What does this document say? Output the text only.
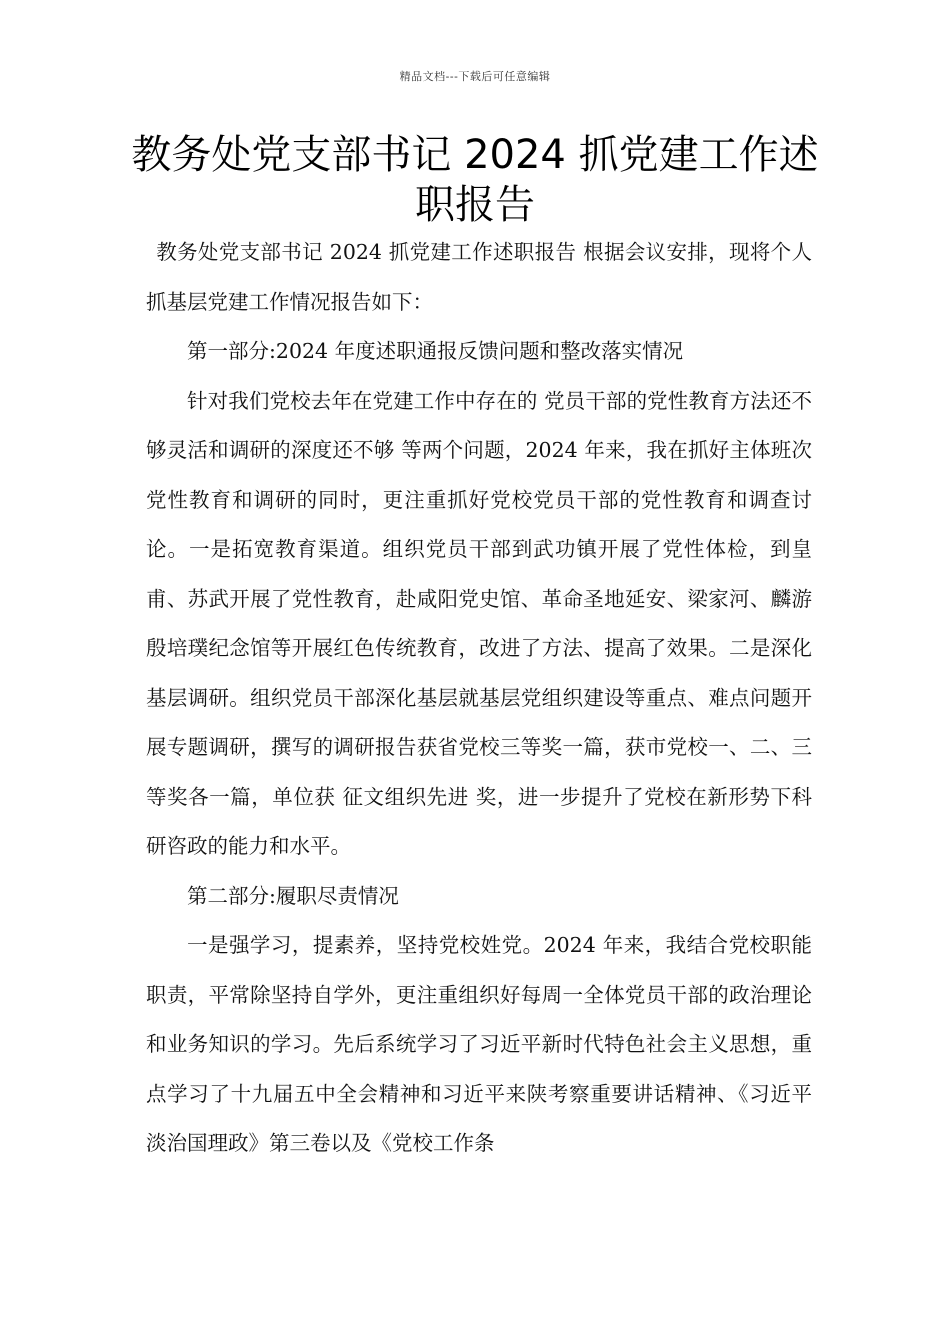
精品文档---下载后可任意编辑
教务处党支部书记 2024 抓党建工作述
职报告

教务处党支部书记 2024 抓党建工作述职报告 根据会议安排，现将个人抓基层党建工作情况报告如下：

第一部分:2024 年度述职通报反馈问题和整改落实情况

针对我们党校去年在党建工作中存在的 党员干部的党性教育方法还不够灵活和调研的深度还不够 等两个问题，2024 年来，我在抓好主体班次党性教育和调研的同时，更注重抓好党校党员干部的党性教育和调查讨论。一是拓宽教育渠道。组织党员干部到武功镇开展了党性体检，到皇甫、苏武开展了党性教育，赴咸阳党史馆、革命圣地延安、梁家河、麟游殷培璞纪念馆等开展红色传统教育，改进了方法、提高了效果。二是深化基层调研。组织党员干部深化基层就基层党组织建设等重点、难点问题开展专题调研，撰写的调研报告获省党校三等奖一篇，获市党校一、二、三等奖各一篇，单位获 征文组织先进 奖，进一步提升了党校在新形势下科研咨政的能力和水平。

第二部分:履职尽责情况

一是强学习，提素养，坚持党校姓党。2024 年来，我结合党校职能职责，平常除坚持自学外，更注重组织好每周一全体党员干部的政治理论和业务知识的学习。先后系统学习了习近平新时代特色社会主义思想，重点学习了十九届五中全会精神和习近平来陕考察重要讲话精神、《习近平淡治国理政》第三卷以及《党校工作条
